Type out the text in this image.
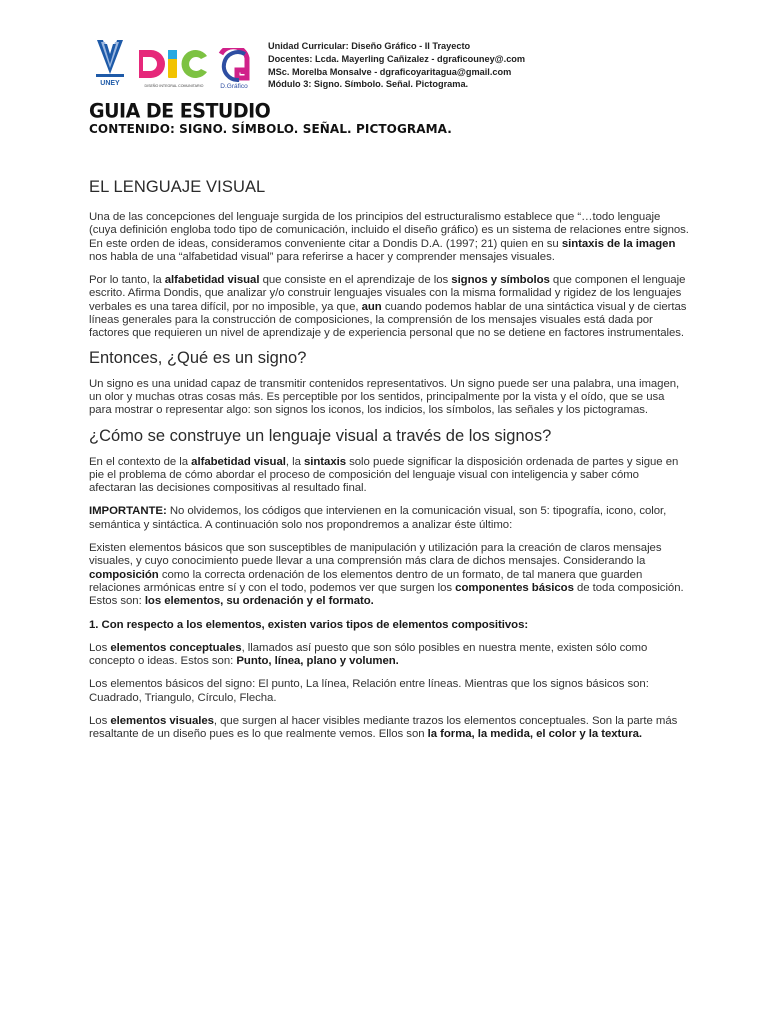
UNEY	DISEÑO INTEGRAL COMUNITARIO	D.Gráfico
Unidad Curricular: Diseño Gráfico - II Trayecto
Docentes: Lcda. Mayerling Cañizalez - dgraficouney@.com
MSc. Morelba Monsalve - dgraficoyaritagua@gmail.com
Módulo 3: Signo. Símbolo. Señal. Pictograma.
GUIA DE ESTUDIO
CONTENIDO: SIGNO. SÍMBOLO. SEÑAL. PICTOGRAMA.
EL LENGUAJE VISUAL

Una de las concepciones del lenguaje surgida de los principios del estructuralismo establece que “…todo lenguaje (cuya definición engloba todo tipo de comunicación, incluido el diseño gráfico) es un sistema de relaciones entre signos. En este orden de ideas, consideramos conveniente citar a Dondis D.A. (1997; 21) quien en su sintaxis de la imagen nos habla de una “alfabetidad visual” para referirse a hacer y comprender mensajes visuales.

Por lo tanto, la alfabetidad visual que consiste en el aprendizaje de los signos y símbolos que componen el lenguaje escrito. Afirma Dondis, que analizar y/o construir lenguajes visuales con la misma formalidad y rigidez de los lenguajes verbales es una tarea difícil, por no imposible, ya que, aun cuando podemos hablar de una sintáctica visual y de ciertas líneas generales para la construcción de composiciones, la comprensión de los mensajes visuales está dada por factores que requieren un nivel de aprendizaje y de experiencia personal que no se detiene en factores instrumentales.

Entonces, ¿Qué es un signo?

Un signo es una unidad capaz de transmitir contenidos representativos. Un signo puede ser una palabra, una imagen, un olor y muchas otras cosas más. Es perceptible por los sentidos, principalmente por la vista y el oído, que se usa para mostrar o representar algo: son signos los iconos, los indicios, los símbolos, las señales y los pictogramas.

¿Cómo se construye un lenguaje visual a través de los signos?

En el contexto de la alfabetidad visual, la sintaxis solo puede significar la disposición ordenada de partes y sigue en pie el problema de cómo abordar el proceso de composición del lenguaje visual con inteligencia y saber cómo afectaran las decisiones compositivas al resultado final.

IMPORTANTE: No olvidemos, los códigos que intervienen en la comunicación visual, son 5: tipografía, icono, color, semántica y sintáctica. A continuación solo nos propondremos a analizar éste último:

Existen elementos básicos que son susceptibles de manipulación y utilización para la creación de claros mensajes visuales, y cuyo conocimiento puede llevar a una comprensión más clara de dichos mensajes. Considerando la composición como la correcta ordenación de los elementos dentro de un formato, de tal manera que guarden relaciones armónicas entre sí y con el todo, podemos ver que surgen los componentes básicos de toda composición. Estos son: los elementos, su ordenación y el formato.

1. Con respecto a los elementos, existen varios tipos de elementos compositivos:

Los elementos conceptuales, llamados así puesto que son sólo posibles en nuestra mente, existen sólo como concepto o ideas. Estos son: Punto, línea, plano y volumen.

Los elementos básicos del signo: El punto, La línea, Relación entre líneas. Mientras que los signos básicos son: Cuadrado, Triangulo, Círculo, Flecha.

Los elementos visuales, que surgen al hacer visibles mediante trazos los elementos conceptuales. Son la parte más resaltante de un diseño pues es lo que realmente vemos. Ellos son la forma, la medida, el color y la textura.
